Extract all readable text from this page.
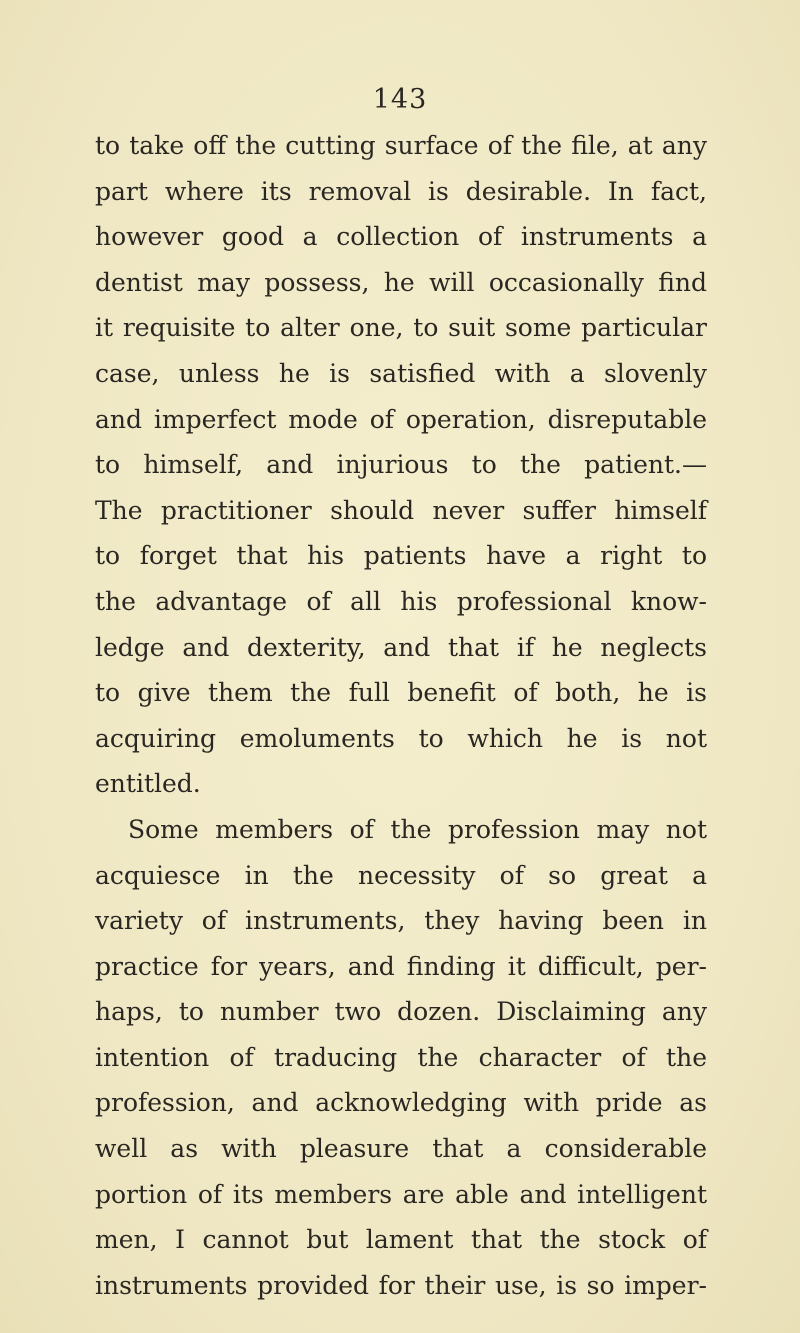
143
to take off the cutting surface of the file, at any
part where its removal is desirable. In fact,
however good a collection of instruments a
dentist may possess, he will occasionally find
it requisite to alter one, to suit some particular
case, unless he is satisfied with a slovenly
and imperfect mode of operation, disreputable
to himself, and injurious to the patient.—
The practitioner should never suffer himself
to forget that his patients have a right to
the advantage of all his professional know-
ledge and dexterity, and that if he neglects
to give them the full benefit of both, he is
acquiring emoluments to which he is not
entitled.
Some members of the profession may not
acquiesce in the necessity of so great a
variety of instruments, they having been in
practice for years, and finding it difficult, per-
haps, to number two dozen. Disclaiming any
intention of traducing the character of the
profession, and acknowledging with pride as
well as with pleasure that a considerable
portion of its members are able and intelligent
men, I cannot but lament that the stock of
instruments provided for their use, is so imper-
